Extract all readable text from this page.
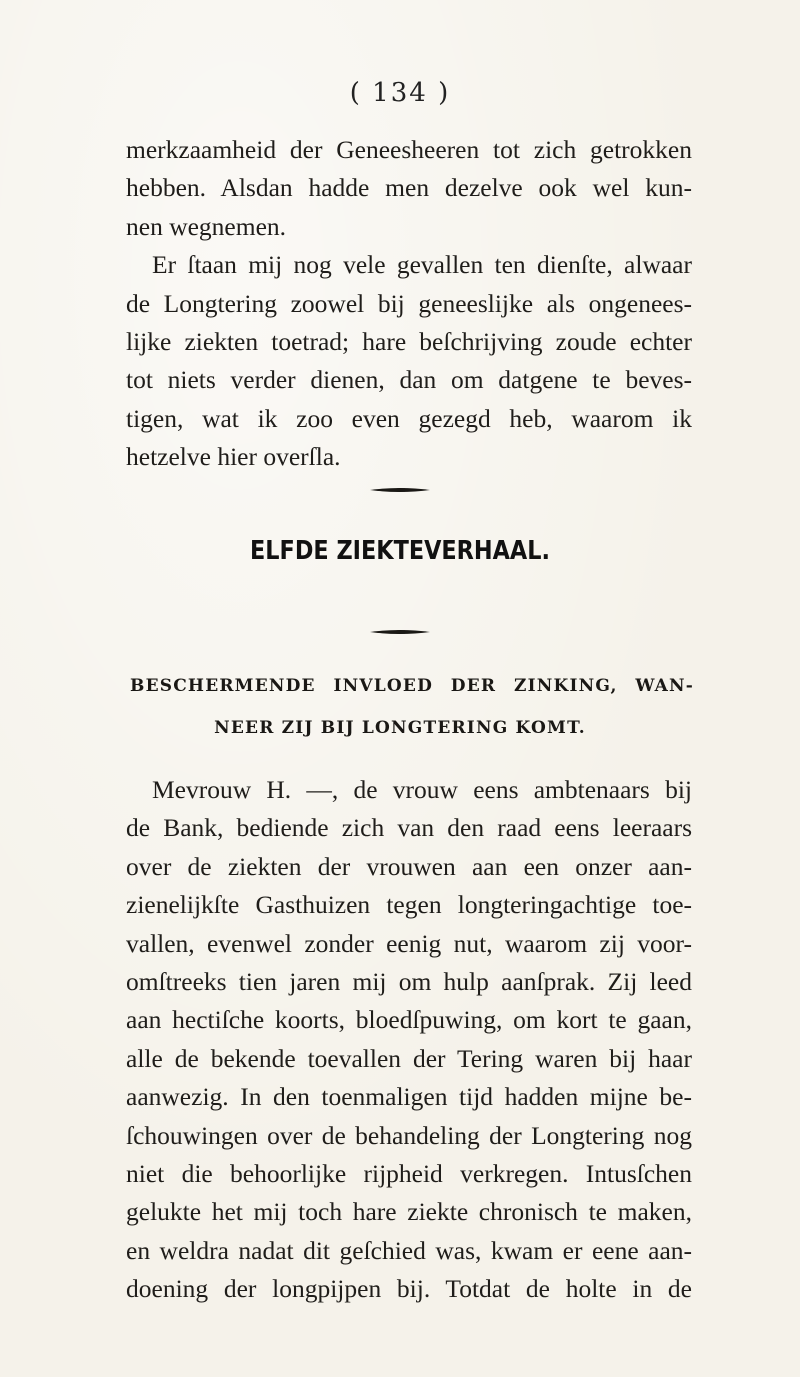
( 134 )
merkzaamheid der Geneesheeren tot zich getrokken
hebben. Alsdan hadde men dezelve ook wel kun-
nen wegnemen.
Er ſtaan mij nog vele gevallen ten dienſte, alwaar
de Longtering zoowel bij geneeslijke als ongenees-
lijke ziekten toetrad; hare beſchrijving zoude echter
tot niets verder dienen, dan om datgene te beves-
tigen, wat ik zoo even gezegd heb, waarom ik
hetzelve hier overſla.
ELFDE ZIEKTEVERHAAL.
BESCHERMENDE INVLOED DER ZINKING, WAN-
NEER ZIJ BIJ LONGTERING KOMT.
Mevrouw H. —, de vrouw eens ambtenaars bij
de Bank, bediende zich van den raad eens leeraars
over de ziekten der vrouwen aan een onzer aan-
zienelijkſte Gasthuizen tegen longteringachtige toe-
vallen, evenwel zonder eenig nut, waarom zij voor-
omſtreeks tien jaren mij om hulp aanſprak. Zij leed
aan hectiſche koorts, bloedſpuwing, om kort te gaan,
alle de bekende toevallen der Tering waren bij haar
aanwezig. In den toenmaligen tijd hadden mijne be-
ſchouwingen over de behandeling der Longtering nog
niet die behoorlijke rijpheid verkregen. Intusſchen
gelukte het mij toch hare ziekte chronisch te maken,
en weldra nadat dit geſchied was, kwam er eene aan-
doening der longpijpen bij. Totdat de holte in de
